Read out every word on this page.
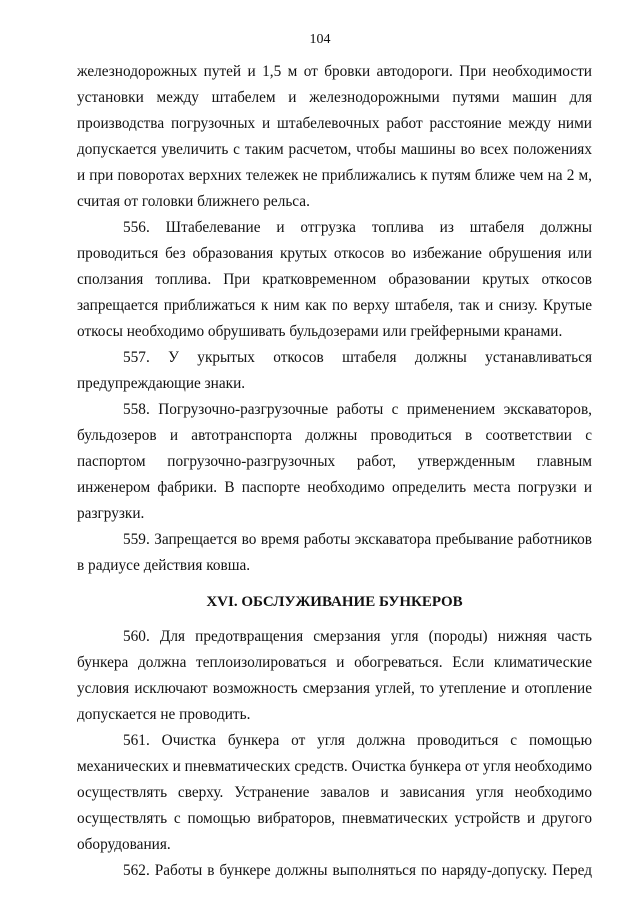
104

железнодорожных путей и 1,5 м от бровки автодороги. При необходимости установки между штабелем и железнодорожными путями машин для производства погрузочных и штабелевочных работ расстояние между ними допускается увеличить с таким расчетом, чтобы машины во всех положениях и при поворотах верхних тележек не приближались к путям ближе чем на 2 м, считая от головки ближнего рельса.

556. Штабелевание и отгрузка топлива из штабеля должны проводиться без образования крутых откосов во избежание обрушения или сползания топлива. При кратковременном образовании крутых откосов запрещается приближаться к ним как по верху штабеля, так и снизу. Крутые откосы необходимо обрушивать бульдозерами или грейферными кранами.

557. У укрытых откосов штабеля должны устанавливаться предупреждающие знаки.

558. Погрузочно-разгрузочные работы с применением экскаваторов, бульдозеров и автотранспорта должны проводиться в соответствии с паспортом погрузочно-разгрузочных работ, утвержденным главным инженером фабрики. В паспорте необходимо определить места погрузки и разгрузки.

559. Запрещается во время работы экскаватора пребывание работников в радиусе действия ковша.

XVI. ОБСЛУЖИВАНИЕ БУНКЕРОВ

560. Для предотвращения смерзания угля (породы) нижняя часть бункера должна теплоизолироваться и обогреваться. Если климатические условия исключают возможность смерзания углей, то утепление и отопление допускается не проводить.

561. Очистка бункера от угля должна проводиться с помощью механических и пневматических средств. Очистка бункера от угля необходимо осуществлять сверху. Устранение завалов и зависания угля необходимо осуществлять с помощью вибраторов, пневматических устройств и другого оборудования.

562. Работы в бункере должны выполняться по наряду-допуску. Перед
